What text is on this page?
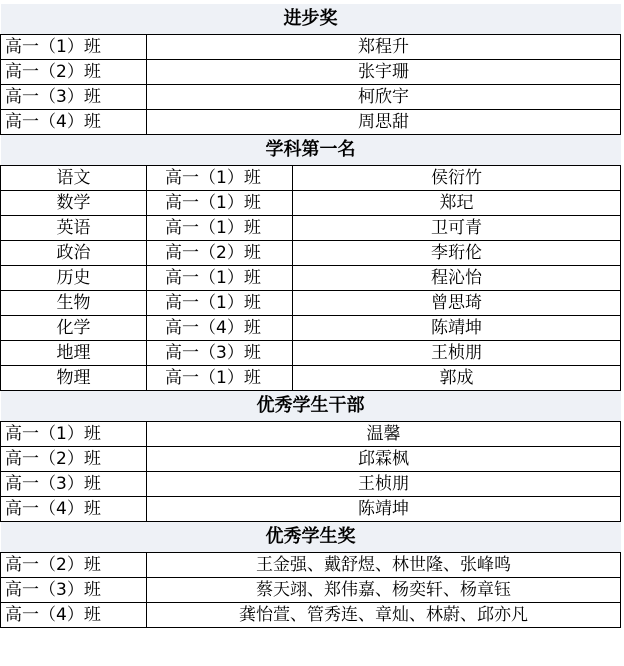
进步奖	
高一（1）班	郑程升
高一（2）班	张宇珊
高一（3）班	柯欣宇
高一（4）班	周思甜
学科第一名		
语文	高一（1）班	侯衍竹
数学	高一（1）班	郑玘
英语	高一（1）班	卫可青
政治	高一（2）班	李珩伦
历史	高一（1）班	程沁怡
生物	高一（1）班	曾思琦
化学	高一（4）班	陈靖坤
地理	高一（3）班	王桢朋
物理	高一（1）班	郭成
优秀学生干部	
高一（1）班	温馨
高一（2）班	邱霖枫
高一（3）班	王桢朋
高一（4）班	陈靖坤
优秀学生奖	
高一（2）班	王金强、戴舒煜、林世隆、张峰鸣
高一（3）班	蔡天翊、郑伟嘉、杨奕轩、杨章钰
高一（4）班	龚怡萱、管秀连、章灿、林蔚、邱亦凡
